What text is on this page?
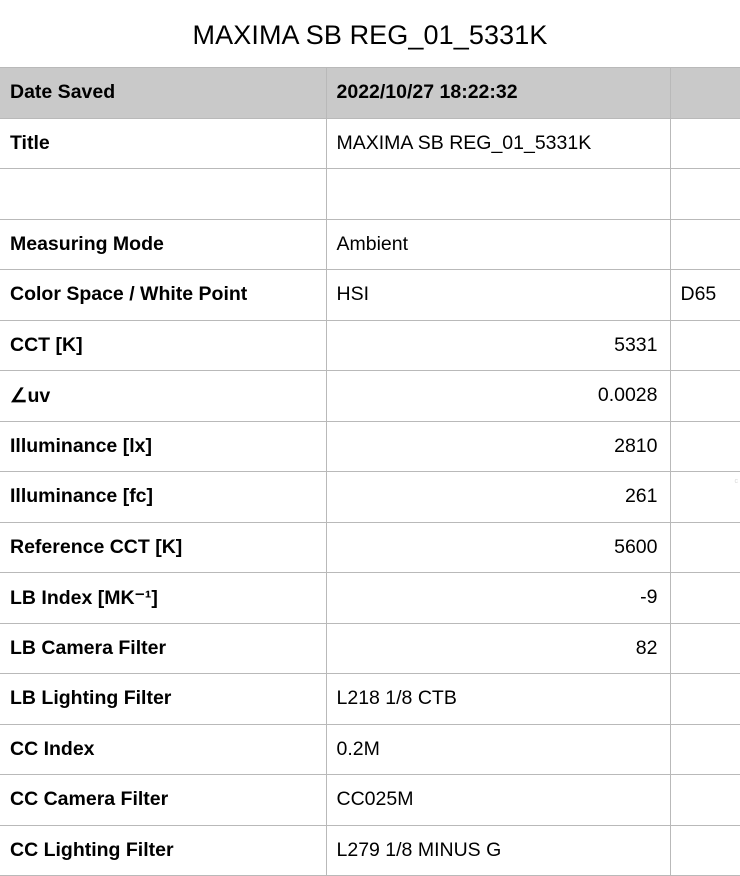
MAXIMA SB REG_01_5331K
Date Saved	2022/10/27 18:22:32	
Title	MAXIMA SB REG_01_5331K	

Measuring Mode	Ambient	
Color Space / White Point	HSI	D65
CCT [K]	5331	
∠uv	0.0028	
Illuminance [lx]	2810	
Illuminance [fc]	261	
Reference CCT [K]	5600	
LB Index [MK⁻¹]	-9	
LB Camera Filter	82	
LB Lighting Filter	L218 1/8 CTB	
CC Index	0.2M	
CC Camera Filter	CC025M	
CC Lighting Filter	L279 1/8 MINUS G	
c
